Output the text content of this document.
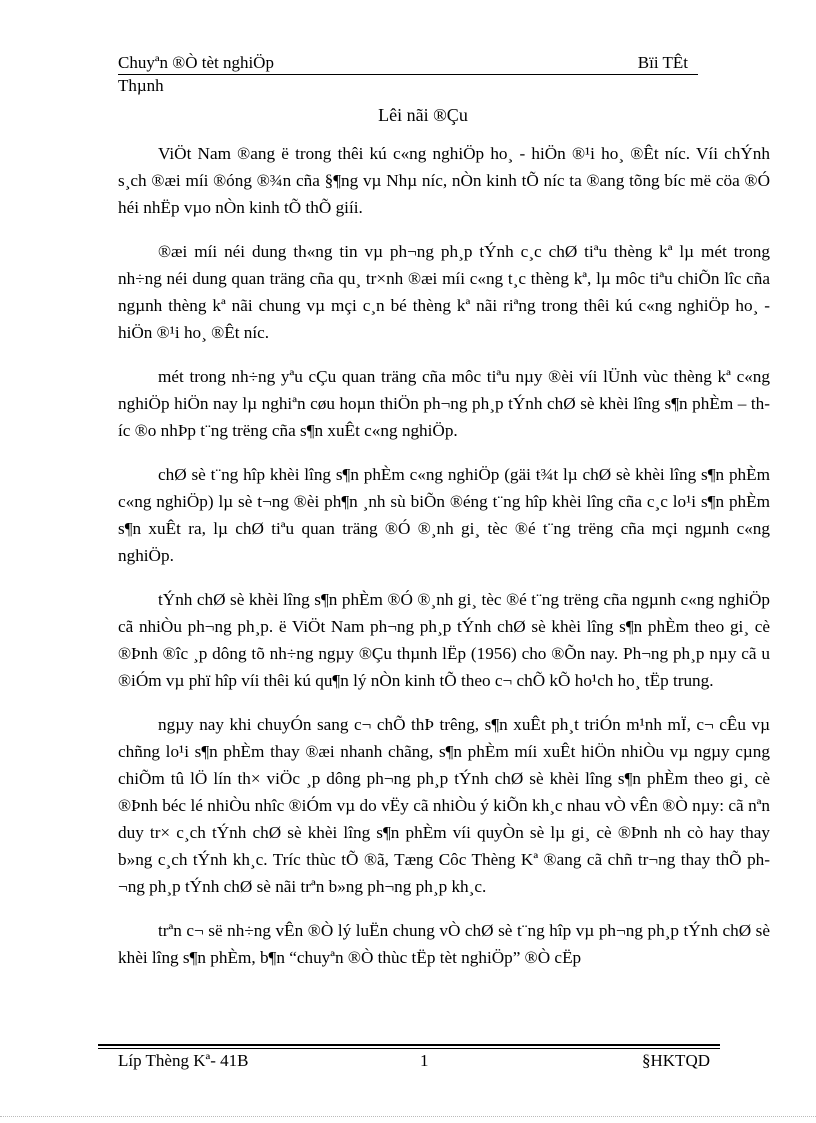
Chuyªn ®Ò tèt nghiÖp	Bïi TÊt
Thµnh
Lêi nãi ®Çu

ViÖt Nam ®ang ë trong thêi kú c«ng nghiÖp ho¸ - hiÖn ®¹i ho¸ ®Êt níc. Víi chÝnh s¸ch ®æi míi ®óng ®¾n cña §¶ng vµ Nhµ níc, nÒn kinh tÕ níc ta ®ang tõng bíc më cöa ®Ó héi nhËp vµo nÒn kinh tÕ thÕ giíi.

®æi míi néi dung th«ng tin vµ ph¬ng ph¸p tÝnh c¸c chØ tiªu thèng kª lµ mét trong nh÷ng néi dung quan träng cña qu¸ tr×nh ®æi míi c«ng t¸c thèng kª, lµ môc tiªu chiÕn lîc cña ngµnh thèng kª nãi chung vµ mçi c¸n bé thèng kª nãi riªng trong thêi kú c«ng nghiÖp ho¸ - hiÖn ®¹i ho¸ ®Êt níc.

mét trong nh÷ng yªu cÇu quan träng cña môc tiªu nµy ®èi víi lÜnh vùc thèng kª c«ng nghiÖp hiÖn nay lµ nghiªn cøu hoµn thiÖn ph¬ng ph¸p tÝnh chØ sè khèi lîng s¶n phÈm – thíc ®o nhÞp t¨ng trëng cña s¶n xuÊt c«ng nghiÖp.

chØ sè t¨ng hîp khèi lîng s¶n phÈm c«ng nghiÖp (gäi t¾t lµ chØ sè khèi lîng s¶n phÈm c«ng nghiÖp) lµ sè t¬ng ®èi ph¶n ¸nh sù biÕn ®éng t¨ng hîp khèi lîng cña c¸c lo¹i s¶n phÈm s¶n xuÊt ra, lµ chØ tiªu quan träng ®Ó ®¸nh gi¸ tèc ®é t¨ng trëng cña mçi ngµnh c«ng nghiÖp.

tÝnh chØ sè khèi lîng s¶n phÈm ®Ó ®¸nh gi¸ tèc ®é t¨ng trëng cña ngµnh c«ng nghiÖp cã nhiÒu ph¬ng ph¸p. ë ViÖt Nam ph¬ng ph¸p tÝnh chØ sè khèi lîng s¶n phÈm theo gi¸ cè ®Þnh ®îc ¸p dông tõ nh÷ng ngµy ®Çu thµnh lËp (1956) cho ®Õn nay. Ph¬ng ph¸p nµy cã u ®iÓm vµ phï hîp víi thêi kú qu¶n lý nÒn kinh tÕ theo c¬ chÕ kÕ ho¹ch ho¸ tËp trung.

ngµy nay khi chuyÓn sang c¬ chÕ thÞ trêng, s¶n xuÊt ph¸t triÓn m¹nh mÏ, c¬ cÊu vµ chñng lo¹i s¶n phÈm thay ®æi nhanh chãng, s¶n phÈm míi xuÊt hiÖn nhiÒu vµ ngµy cµng chiÕm tû lÖ lín th× viÖc ¸p dông ph¬ng ph¸p tÝnh chØ sè khèi lîng s¶n phÈm theo gi¸ cè ®Þnh béc lé nhiÒu nhîc ®iÓm vµ do vËy cã nhiÒu ý kiÕn kh¸c nhau vÒ vÊn ®Ò nµy: cã nªn duy tr× c¸ch tÝnh chØ sè khèi lîng s¶n phÈm víi quyÒn sè lµ gi¸ cè ®Þnh nh cò hay thay b»ng c¸ch tÝnh kh¸c. Tríc thùc tÕ ®ã, Tæng Côc Thèng Kª ®ang cã chñ tr¬ng thay thÕ ph¬ng ph¸p tÝnh chØ sè nãi trªn b»ng ph¬ng ph¸p kh¸c.

trªn c¬ së nh÷ng vÊn ®Ò lý luËn chung vÒ chØ sè t¨ng hîp vµ ph¬ng ph¸p tÝnh chØ sè khèi lîng s¶n phÈm, b¶n “chuyªn ®Ò thùc tËp tèt nghiÖp” ®Ò cËp

Líp Thèng Kª- 41B	1	§HKTQD
